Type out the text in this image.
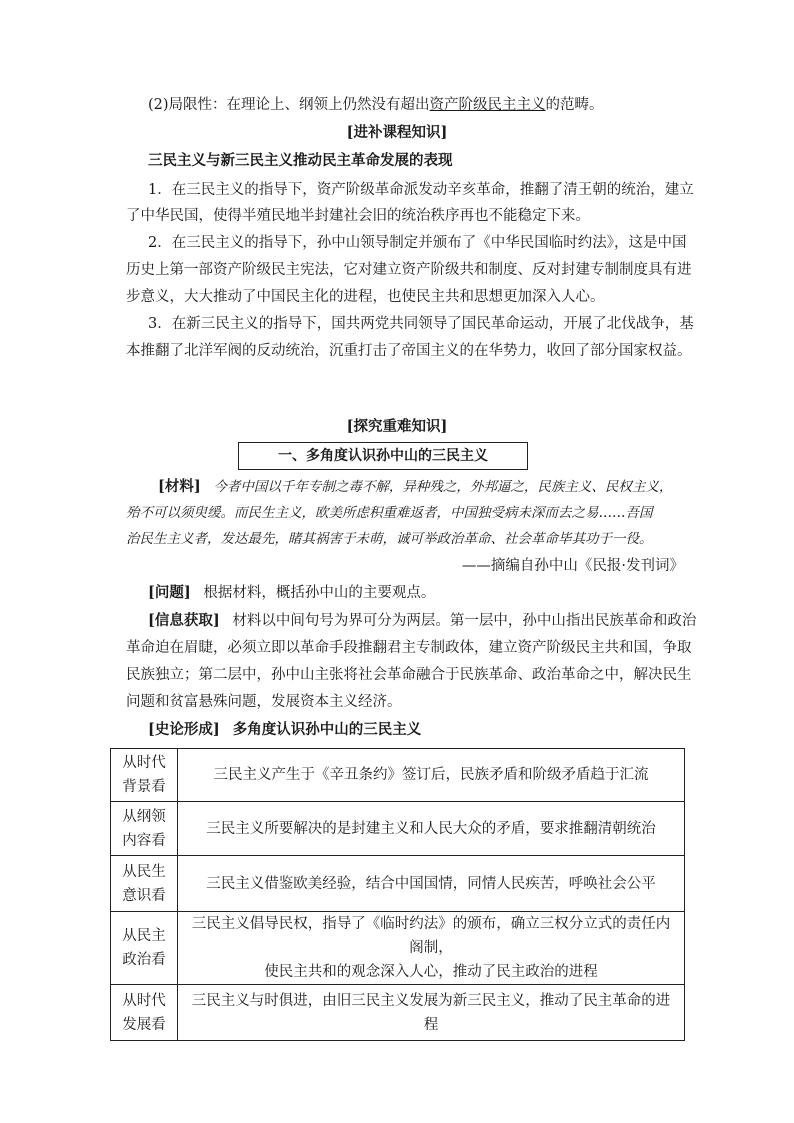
(2)局限性：在理论上、纲领上仍然没有超出资产阶级民主主义的范畴。
[进补课程知识]
三民主义与新三民主义推动民主革命发展的表现
1．在三民主义的指导下，资产阶级革命派发动辛亥革命，推翻了清王朝的统治，建立
了中华民国，使得半殖民地半封建社会旧的统治秩序再也不能稳定下来。
2．在三民主义的指导下，孙中山领导制定并颁布了《中华民国临时约法》，这是中国
历史上第一部资产阶级民主宪法，它对建立资产阶级共和制度、反对封建专制制度具有进
步意义，大大推动了中国民主化的进程，也使民主共和思想更加深入人心。
3．在新三民主义的指导下，国共两党共同领导了国民革命运动，开展了北伐战争，基
本推翻了北洋军阀的反动统治，沉重打击了帝国主义的在华势力，收回了部分国家权益。
[探究重难知识]
一、多角度认识孙中山的三民主义
[材料] 今者中国以千年专制之毒不解，异种残之，外邦逼之，民族主义、民权主义，
殆不可以须臾缓。而民生主义，欧美所虑积重难返者，中国独受病未深而去之易……吾国
治民生主义者，发达最先，睹其祸害于未萌，诚可举政治革命、社会革命毕其功于一役。
——摘编自孙中山《民报·发刊词》
[问题] 根据材料，概括孙中山的主要观点。
[信息获取] 材料以中间句号为界可分为两层。第一层中，孙中山指出民族革命和政治
革命迫在眉睫，必须立即以革命手段推翻君主专制政体，建立资产阶级民主共和国，争取
民族独立；第二层中，孙中山主张将社会革命融合于民族革命、政治革命之中，解决民生
问题和贫富悬殊问题，发展资本主义经济。
[史论形成] 多角度认识孙中山的三民主义
从时代
背景看	三民主义产生于《辛丑条约》签订后，民族矛盾和阶级矛盾趋于汇流
从纲领
内容看	三民主义所要解决的是封建主义和人民大众的矛盾，要求推翻清朝统治
从民生
意识看	三民主义借鉴欧美经验，结合中国国情，同情人民疾苦，呼唤社会公平
从民主
政治看	三民主义倡导民权，指导了《临时约法》的颁布，确立三权分立式的责任内阁制，
使民主共和的观念深入人心，推动了民主政治的进程
从时代
发展看	三民主义与时俱进，由旧三民主义发展为新三民主义，推动了民主革命的进程
